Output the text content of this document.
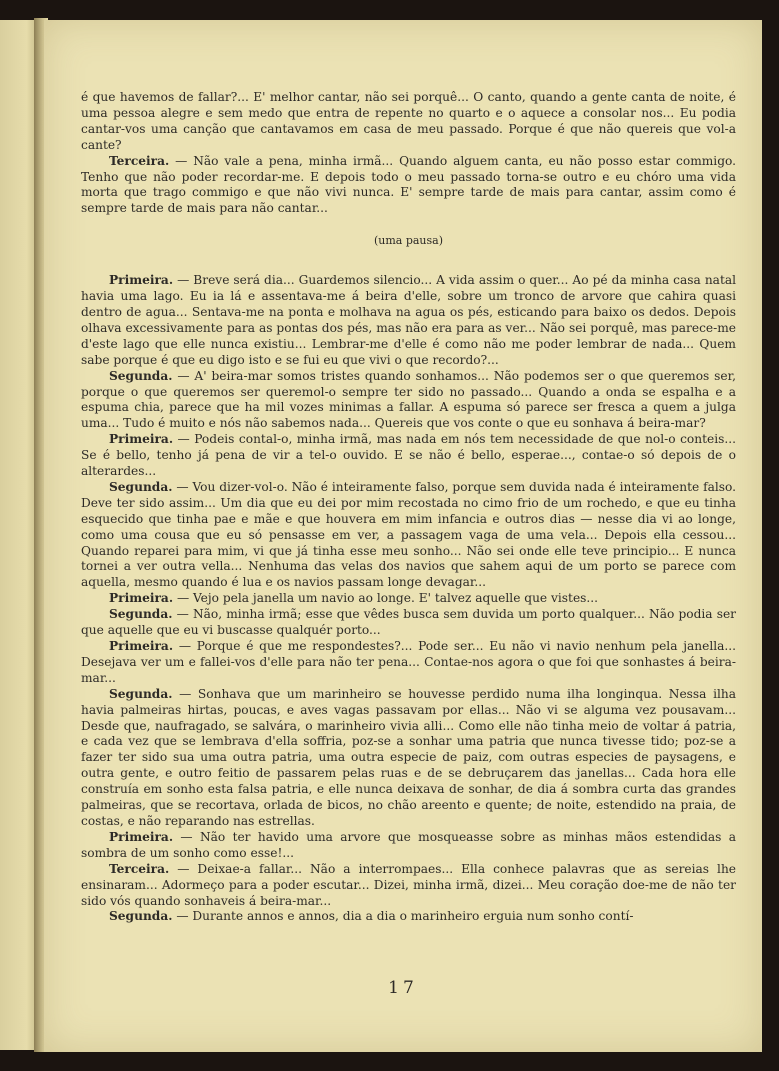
é que havemos de fallar?... E' melhor cantar, não sei porquê... O canto, quando a gente canta de noite, é uma pessoa alegre e sem medo que entra de repente no quarto e o aquece a consolar nos... Eu podia cantar-vos uma canção que cantavamos em casa de meu passado. Porque é que não quereis que vol-a cante?

Terceira. — Não vale a pena, minha irmã... Quando alguem canta, eu não posso estar commigo. Tenho que não poder recordar-me. E depois todo o meu passado torna-se outro e eu chóro uma vida morta que trago commigo e que não vivi nunca. E' sempre tarde de mais para cantar, assim como é sempre tarde de mais para não cantar...

(uma pausa)

Primeira. — Breve será dia... Guardemos silencio... A vida assim o quer... Ao pé da minha casa natal havia uma lago. Eu ia lá e assentava-me á beira d'elle, sobre um tronco de arvore que cahira quasi dentro de agua... Sentava-me na ponta e molhava na agua os pés, esticando para baixo os dedos. Depois olhava excessivamente para as pontas dos pés, mas não era para as ver... Não sei porquê, mas parece-me d'este lago que elle nunca existiu... Lembrar-me d'elle é como não me poder lembrar de nada... Quem sabe porque é que eu digo isto e se fui eu que vivi o que recordo?...

Segunda. — A' beira-mar somos tristes quando sonhamos... Não podemos ser o que queremos ser, porque o que queremos ser queremol-o sempre ter sido no passado... Quando a onda se espalha e a espuma chia, parece que ha mil vozes minimas a fallar. A espuma só parece ser fresca a quem a julga uma... Tudo é muito e nós não sabemos nada... Quereis que vos conte o que eu sonhava á beira-mar?

Primeira. — Podeis contal-o, minha irmã, mas nada em nós tem necessidade de que nol-o conteis... Se é bello, tenho já pena de vir a tel-o ouvido. E se não é bello, esperae..., contae-o só depois de o alterardes...

Segunda. — Vou dizer-vol-o. Não é inteiramente falso, porque sem duvida nada é inteiramente falso. Deve ter sido assim... Um dia que eu dei por mim recostada no cimo frio de um rochedo, e que eu tinha esquecido que tinha pae e mãe e que houvera em mim infancia e outros dias — nesse dia vi ao longe, como uma cousa que eu só pensasse em ver, a passagem vaga de uma vela... Depois ella cessou... Quando reparei para mim, vi que já tinha esse meu sonho... Não sei onde elle teve principio... E nunca tornei a ver outra vella... Nenhuma das velas dos navios que sahem aqui de um porto se parece com aquella, mesmo quando é lua e os navios passam longe devagar...

Primeira. — Vejo pela janella um navio ao longe. E' talvez aquelle que vistes...

Segunda. — Não, minha irmã; esse que vêdes busca sem duvida um porto qualquer... Não podia ser que aquelle que eu vi buscasse qualquér porto...

Primeira. — Porque é que me respondestes?... Pode ser... Eu não vi navio nenhum pela janella... Desejava ver um e fallei-vos d'elle para não ter pena... Contae-nos agora o que foi que sonhastes á beira-mar...

Segunda. — Sonhava que um marinheiro se houvesse perdido numa ilha longinqua. Nessa ilha havia palmeiras hirtas, poucas, e aves vagas passavam por ellas... Não vi se alguma vez pousavam... Desde que, naufragado, se salvára, o marinheiro vivia alli... Como elle não tinha meio de voltar á patria, e cada vez que se lembrava d'ella soffria, poz-se a sonhar uma patria que nunca tivesse tido; poz-se a fazer ter sido sua uma outra patria, uma outra especie de paiz, com outras especies de paysagens, e outra gente, e outro feitio de passarem pelas ruas e de se debruçarem das janellas... Cada hora elle construía em sonho esta falsa patria, e elle nunca deixava de sonhar, de dia á sombra curta das grandes palmeiras, que se recortava, orlada de bicos, no chão areento e quente; de noite, estendido na praia, de costas, e não reparando nas estrellas.

Primeira. — Não ter havido uma arvore que mosqueasse sobre as minhas mãos estendidas a sombra de um sonho como esse!...

Terceira. — Deixae-a fallar... Não a interrompaes... Ella conhece palavras que as sereias lhe ensinaram... Adormeço para a poder escutar... Dizei, minha irmã, dizei... Meu coração doe-me de não ter sido vós quando sonhaveis á beira-mar...

Segunda. — Durante annos e annos, dia a dia o marinheiro erguia num sonho contí-

17
